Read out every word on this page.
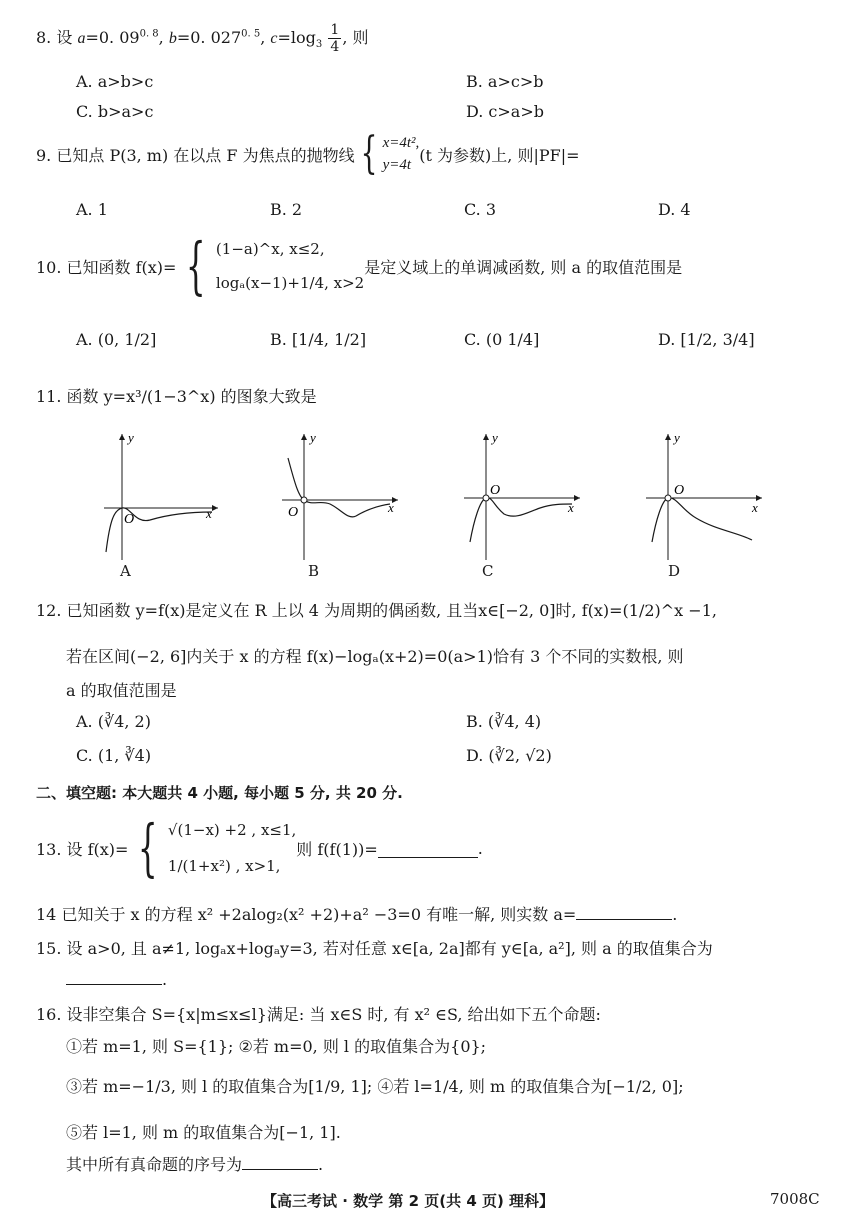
8. 设 a=0. $09^{0. 8}$, b=0. $027^{0. 5}$, $c=\log_3 \frac{1}{4}$ , 则
A. a>b>c	B. a>c>b
C. b>a>c	D. c>a>b
9. 已知点 P(3, m) 在以点 F 为焦点的抛物线 { x=4t²,
y=4t
(t 为参数)上, 则|PF|=
A. 1	B. 2	C. 3	D. 4
10. 已知函数 f(x)= { (1−a)^x, x≤2,
logₐ(x−1)+1/4, x>2
是定义域上的单调减函数, 则 a 的取值范围是
A. (0, 1/2]	B. [1/4, 1/2]	C. (0 1/4]	D. [1/2, 3/4]
11. 函数 y=x³/(1−3^x) 的图象大致是
y
x
O
y
x
O
y
x
O
y
x
O
A	B	C	D
12. 已知函数 y=f(x)是定义在 R 上以 4 为周期的偶函数, 且当x∈[−2, 0]时, f(x)=(1/2)^x −1,
若在区间(−2, 6]内关于 x 的方程 f(x)−logₐ(x+2)=0(a>1)恰有 3 个不同的实数根, 则
a 的取值范围是
A. (∛4, 2)	B. (∛4, 4)
C. (1, ∛4)	D. (∛2, √2)
二、填空题: 本大题共 4 小题, 每小题 5 分, 共 20 分.
13. 设 f(x)= { √(1−x) +2 , x≤1,
1/(1+x²) , x>1,
则 f(f(1))=	.
14 已知关于 x 的方程 x² +2alog₂(x² +2)+a² −3=0 有唯一解, 则实数 a=	.
15. 设 a>0, 且 a≠1, logₐx+logₐy=3, 若对任意 x∈[a, 2a]都有 y∈[a, a²], 则 a 的取值集合为
.
16. 设非空集合 S={x|m≤x≤l}满足: 当 x∈S 时, 有 x² ∈S, 给出如下五个命题:
①若 m=1, 则 S={1}; ②若 m=0, 则 l 的取值集合为{0};
③若 m=−1/3, 则 l 的取值集合为[1/9, 1]; ④若 l=1/4, 则 m 的取值集合为[−1/2, 0];
⑤若 l=1, 则 m 的取值集合为[−1, 1].
其中所有真命题的序号为	.
【高三考试 · 数学 第 2 页(共 4 页) 理科】	7008C
